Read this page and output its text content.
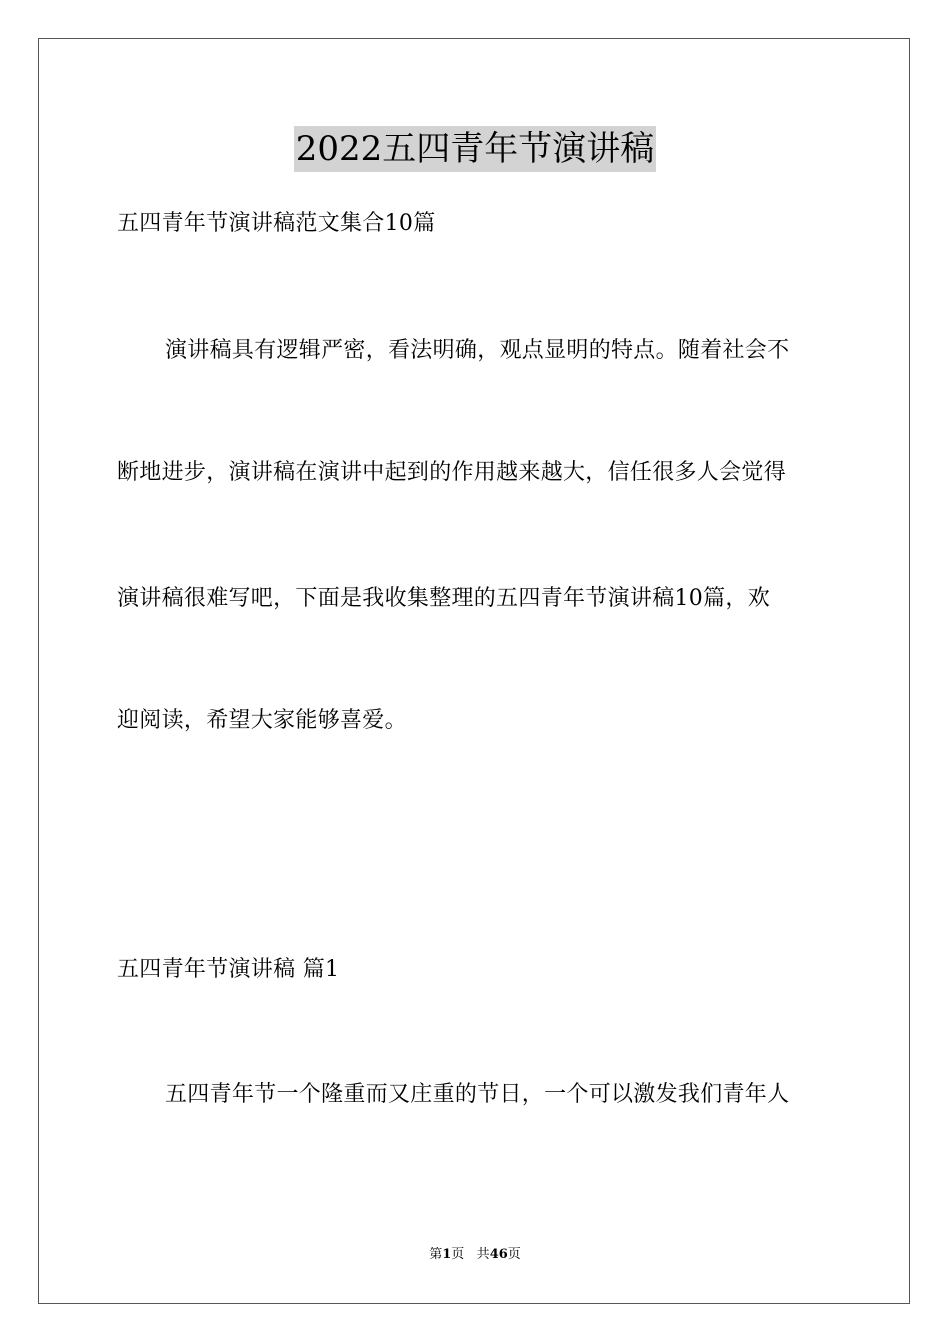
2022五四青年节演讲稿
五四青年节演讲稿范文集合10篇
演讲稿具有逻辑严密，看法明确，观点显明的特点。随着社会不
断地进步，演讲稿在演讲中起到的作用越来越大，信任很多人会觉得
演讲稿很难写吧，下面是我收集整理的五四青年节演讲稿10篇，欢
迎阅读，希望大家能够喜爱。
五四青年节演讲稿 篇1
五四青年节一个隆重而又庄重的节日，一个可以激发我们青年人
第1页 共46页
